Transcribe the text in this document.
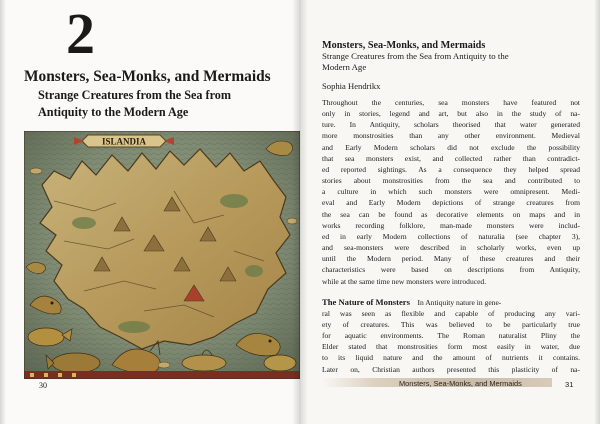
2
Monsters, Sea-Monks, and Mermaids
Strange Creatures from the Sea from
Antiquity to the Modern Age
ISLANDIA
30
Monsters, Sea-Monks, and Mermaids
Strange Creatures from the Sea from Antiquity to the
Modern Age
Sophia Hendrikx

Throughout the centuries, sea monsters have featured not
only in stories, legend and art, but also in the study of na-
ture. In Antiquity, scholars theorised that water generated
more monstrosities than any other environment. Medieval
and Early Modern scholars did not exclude the possibility
that sea monsters exist, and collected rather than contradict-
ed reported sightings. As a consequence they helped spread
stories about monstrosities from the sea and contributed to
a culture in which such monsters were omnipresent. Medi-
eval and Early Modern depictions of strange creatures from
the sea can be found as decorative elements on maps and in
works recording folklore, man-made monsters were includ-
ed in early Modern collections of naturalia (see chapter 3),
and sea-monsters were described in scholarly works, even up
until the Modern period. Many of these creatures and their
characteristics were based on descriptions from Antiquity,
while at the same time new monsters were introduced.

The Nature of Monsters In Antiquity nature in gene-
ral was seen as flexible and capable of producing any vari-
ety of creatures. This was believed to be particularly true
for aquatic environments. The Roman naturalist Pliny the
Elder stated that monstrosities form most easily in water, due
to its liquid nature and the amount of nutrients it contains.
Later on, Christian authors presented this plasticity of na-

Monsters, Sea-Monks, and Mermaids	31
